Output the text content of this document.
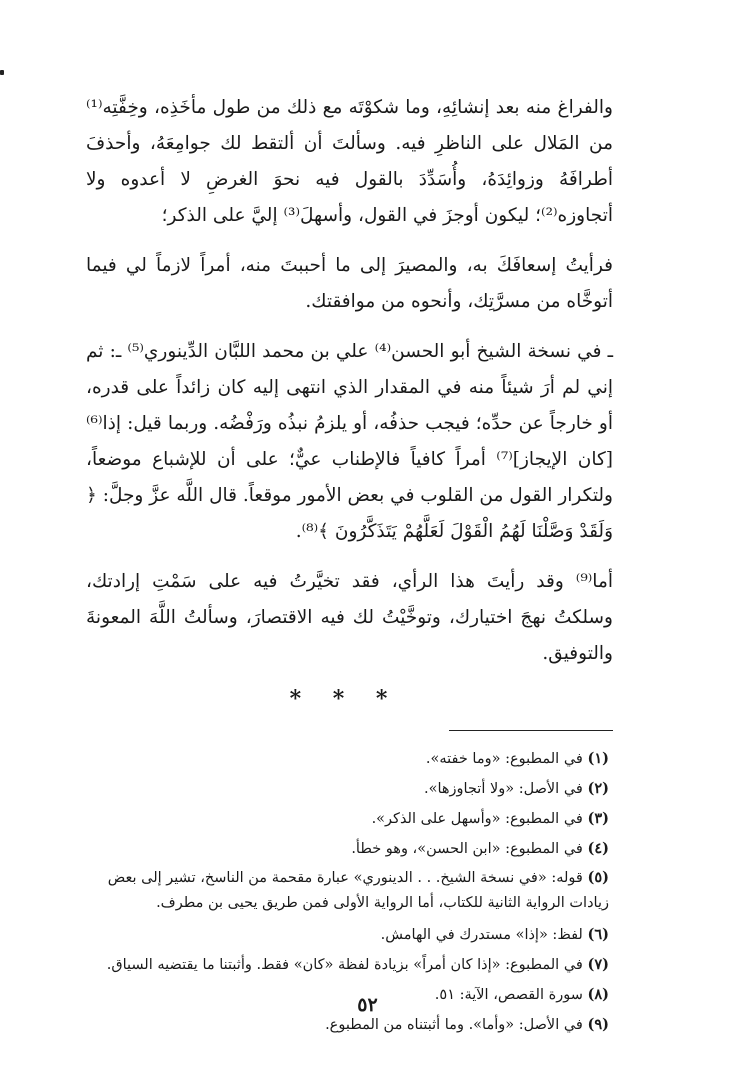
والفراغ منه بعد إنشائِهِ، وما شكوْتَه مع ذلك من طول مأخَذِه، وخِفَّتِه⁽¹⁾ من المَلال على الناظرِ فيه. وسألتَ أن ألتقط لك جوامِعَهُ، وأحذفَ أطرافَهُ وزوائِدَهُ، وأُسَدِّدَ بالقول فيه نحوَ الغرضِ لا أعدوه ولا أتجاوزه⁽²⁾؛ ليكون أوجزَ في القول، وأسهلَ⁽³⁾ إليَّ على الذكر؛

فرأيتُ إسعافَكَ به، والمصيرَ إلى ما أحببتَ منه، أمراً لازماً لي فيما أتوخَّاه من مسرَّتِك، وأنحوه من موافقتك.

ـ في نسخة الشيخ أبو الحسن⁽⁴⁾ علي بن محمد اللبَّان الدِّينوري⁽⁵⁾ ـ: ثم إني لم أرَ شيئاً منه في المقدار الذي انتهى إليه كان زائداً على قدره، أو خارجاً عن حدِّه؛ فيجب حذفُه، أو يلزمُ نبذُه ورَفْضُه. وربما قيل: إذا⁽⁶⁾ [كان الإيجاز]⁽⁷⁾ أمراً كافياً فالإطناب عيٌّ؛ على أن للإشباع موضعاً، ولتكرار القول من القلوب في بعض الأمور موقعاً. قال اللَّه عزَّ وجلَّ: ﴿ وَلَقَدْ وَصَّلْنَا لَهُمُ الْقَوْلَ لَعَلَّهُمْ يَتَذَكَّرُونَ ﴾⁽⁸⁾.

أما⁽⁹⁾ وقد رأيتَ هذا الرأي، فقد تخيَّرتُ فيه على سَمْتِ إرادتك، وسلكتُ نهجَ اختيارك، وتوخَّيْتُ لك فيه الاقتصارَ، وسألتُ اللَّهَ المعونةَ والتوفيق.

* * *

(١) في المطبوع: «وما خفته».

(٢) في الأصل: «ولا أتجاوزها».

(٣) في المطبوع: «وأسهل على الذكر».

(٤) في المطبوع: «ابن الحسن»، وهو خطأ.

(٥) قوله: «في نسخة الشيخ. . . الدينوري» عبارة مقحمة من الناسخ، تشير إلى بعض زيادات الرواية الثانية للكتاب، أما الرواية الأولى فمن طريق يحيى بن مطرف.

(٦) لفظ: «إذا» مستدرك في الهامش.

(٧) في المطبوع: «إذا كان أمراً» بزيادة لفظة «كان» فقط. وأثبتنا ما يقتضيه السياق.

(٨) سورة القصص، الآية: ٥١.

(٩) في الأصل: «وأما». وما أثبتناه من المطبوع.

٥٢
